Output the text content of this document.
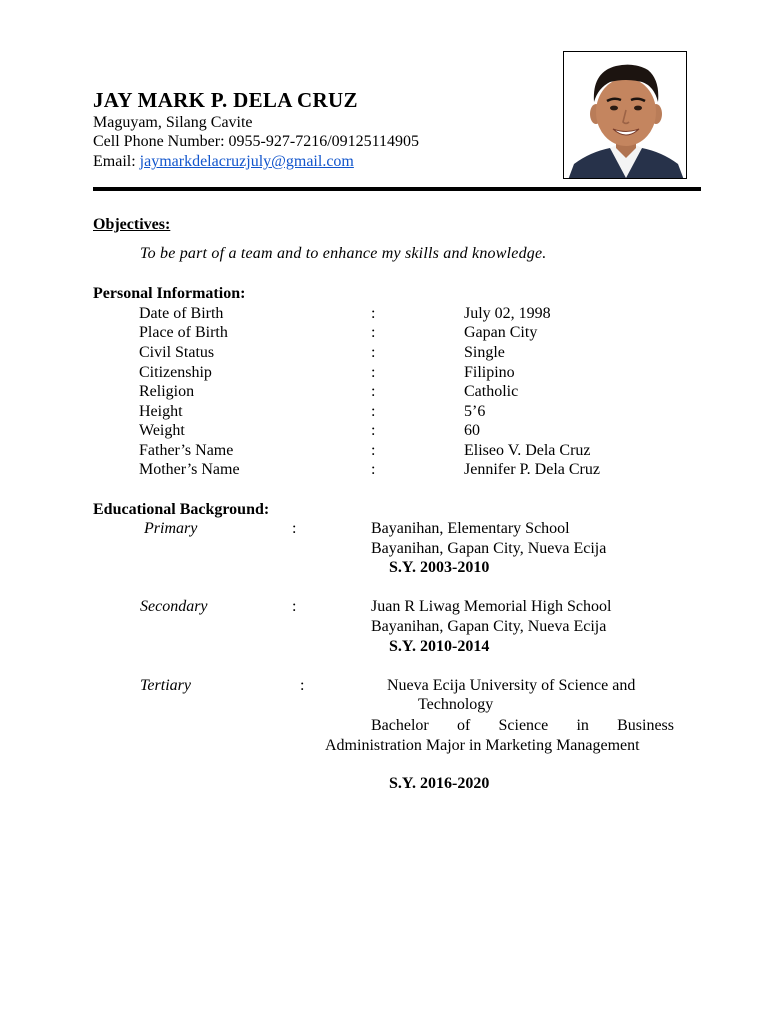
JAY MARK P. DELA CRUZ
Maguyam, Silang Cavite
Cell Phone Number: 0955-927-7216/09125114905
Email: jaymarkdelacruzjuly@gmail.com
Objectives:
To be part of a team and to enhance my skills and knowledge.
Personal Information:
Date of Birth	:	July 02, 1998
Place of Birth	:	Gapan City
Civil Status	:	Single
Citizenship	:	Filipino
Religion	:	Catholic
Height	:	5’6
Weight	:	60
Father’s Name	:	Eliseo V. Dela Cruz
Mother’s Name	:	Jennifer P. Dela Cruz
Educational Background:
Primary	:	Bayanihan, Elementary School
Bayanihan, Gapan City, Nueva Ecija
S.Y. 2003-2010
Secondary	:	Juan R Liwag Memorial High School
Bayanihan, Gapan City, Nueva Ecija
S.Y. 2010-2014
Tertiary	:	Nueva Ecija University of Science and
Technology
Bachelor of Science in Business Administration Major in Marketing Management
S.Y. 2016-2020
